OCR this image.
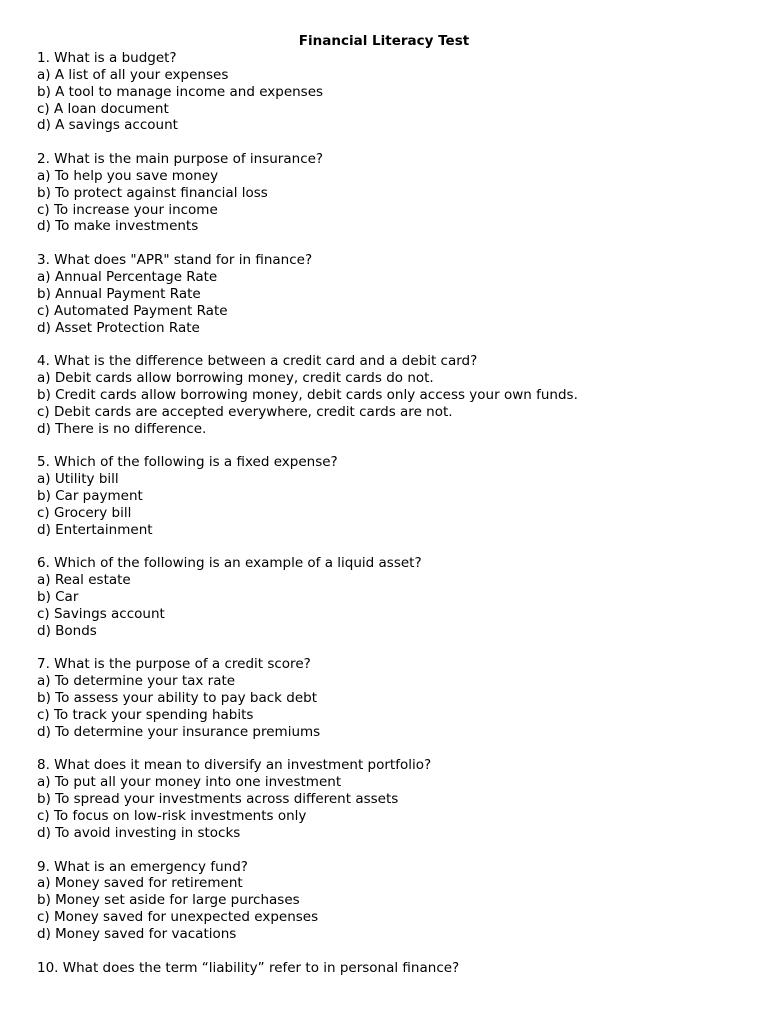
Financial Literacy Test
1. What is a budget?
a) A list of all your expenses
b) A tool to manage income and expenses
c) A loan document
d) A savings account
2. What is the main purpose of insurance?
a) To help you save money
b) To protect against financial loss
c) To increase your income
d) To make investments
3. What does "APR" stand for in finance?
a) Annual Percentage Rate
b) Annual Payment Rate
c) Automated Payment Rate
d) Asset Protection Rate
4. What is the difference between a credit card and a debit card?
a) Debit cards allow borrowing money, credit cards do not.
b) Credit cards allow borrowing money, debit cards only access your own funds.
c) Debit cards are accepted everywhere, credit cards are not.
d) There is no difference.
5. Which of the following is a fixed expense?
a) Utility bill
b) Car payment
c) Grocery bill
d) Entertainment
6. Which of the following is an example of a liquid asset?
a) Real estate
b) Car
c) Savings account
d) Bonds
7. What is the purpose of a credit score?
a) To determine your tax rate
b) To assess your ability to pay back debt
c) To track your spending habits
d) To determine your insurance premiums
8. What does it mean to diversify an investment portfolio?
a) To put all your money into one investment
b) To spread your investments across different assets
c) To focus on low-risk investments only
d) To avoid investing in stocks
9. What is an emergency fund?
a) Money saved for retirement
b) Money set aside for large purchases
c) Money saved for unexpected expenses
d) Money saved for vacations
10. What does the term “liability” refer to in personal finance?
